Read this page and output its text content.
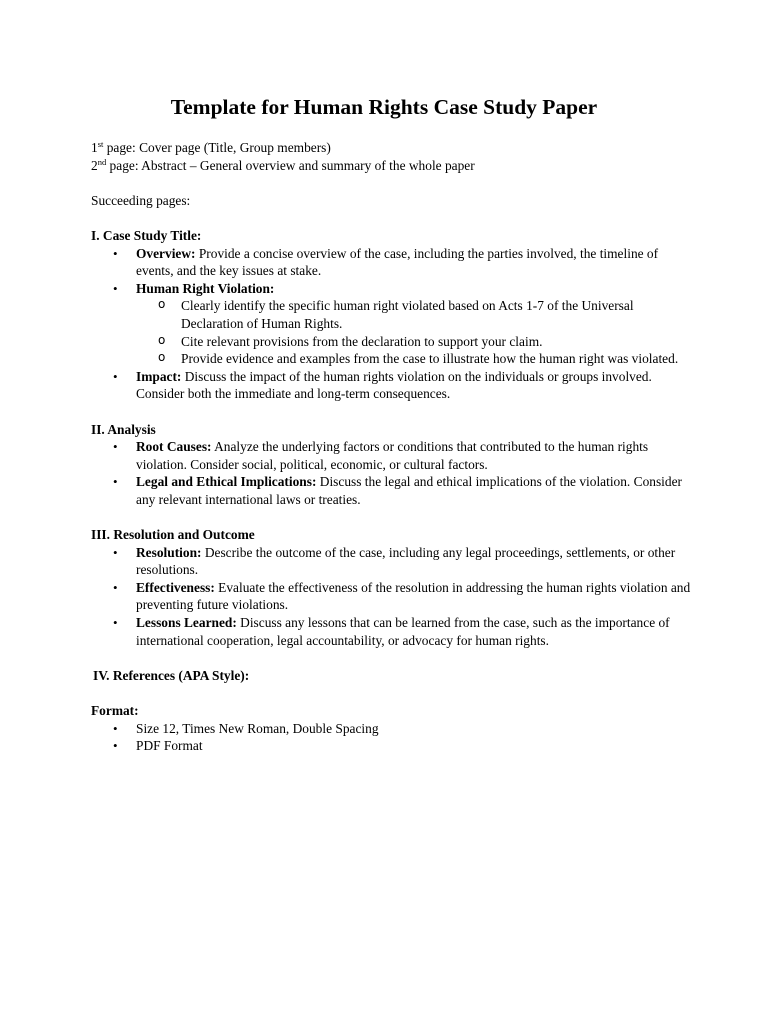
Template for Human Rights Case Study Paper

1st page: Cover page (Title, Group members)

2nd page: Abstract – General overview and summary of the whole paper

Succeeding pages:

I. Case Study Title:

• Overview: Provide a concise overview of the case, including the parties involved, the timeline of events, and the key issues at stake.
• Human Right Violation:
o Clearly identify the specific human right violated based on Acts 1-7 of the Universal Declaration of Human Rights.
o Cite relevant provisions from the declaration to support your claim.
o Provide evidence and examples from the case to illustrate how the human right was violated.
• Impact: Discuss the impact of the human rights violation on the individuals or groups involved. Consider both the immediate and long-term consequences.

II. Analysis

• Root Causes: Analyze the underlying factors or conditions that contributed to the human rights violation. Consider social, political, economic, or cultural factors.
• Legal and Ethical Implications: Discuss the legal and ethical implications of the violation. Consider any relevant international laws or treaties.

III. Resolution and Outcome

• Resolution: Describe the outcome of the case, including any legal proceedings, settlements, or other resolutions.
• Effectiveness: Evaluate the effectiveness of the resolution in addressing the human rights violation and preventing future violations.
• Lessons Learned: Discuss any lessons that can be learned from the case, such as the importance of international cooperation, legal accountability, or advocacy for human rights.

IV. References (APA Style):

Format:

• Size 12, Times New Roman, Double Spacing
• PDF Format
